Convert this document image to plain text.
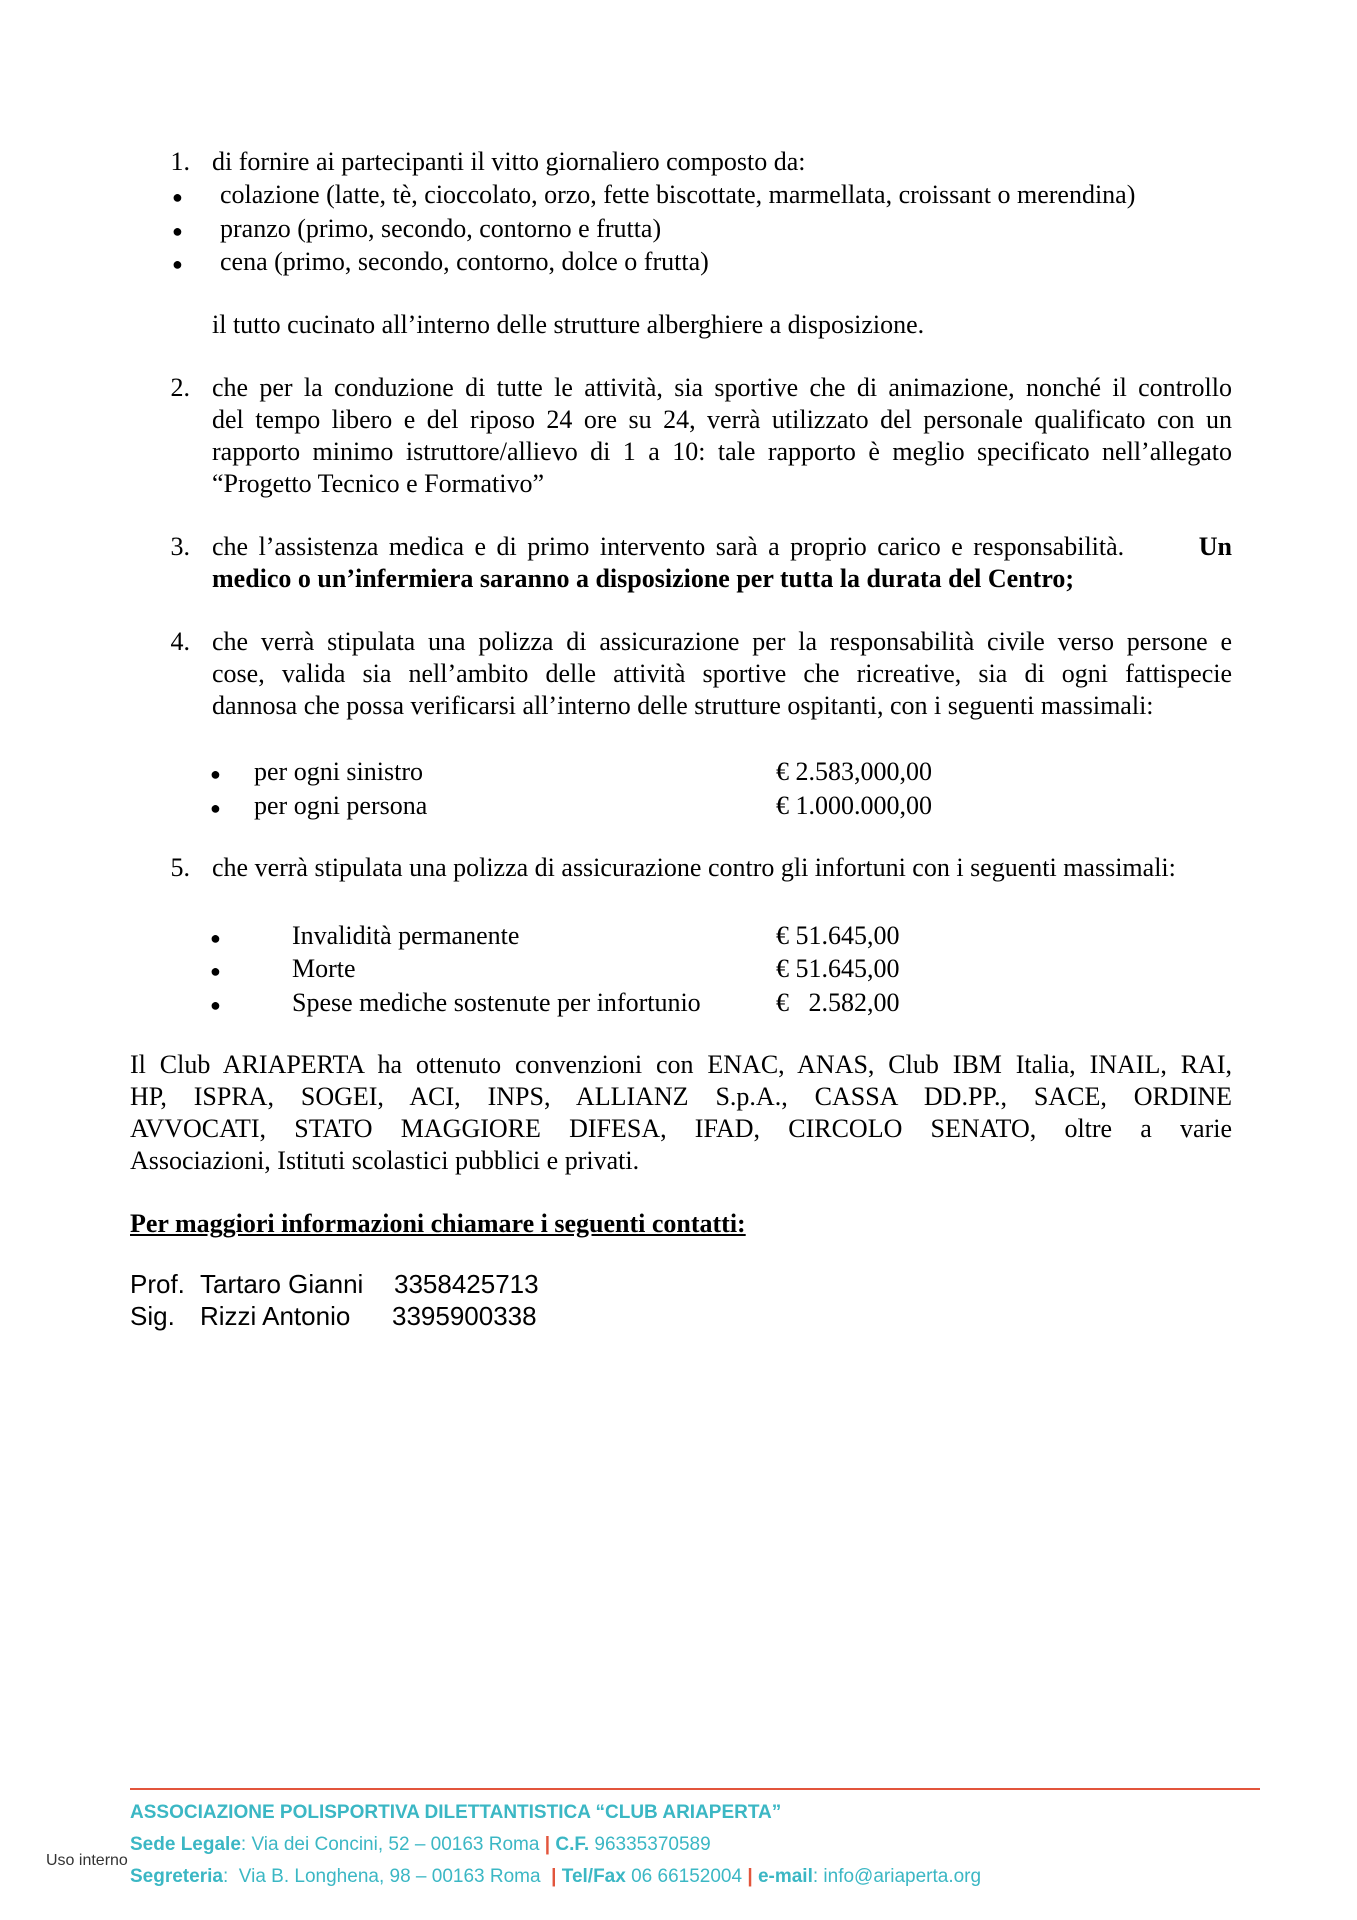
1. di fornire ai partecipanti il vitto giornaliero composto da:
● colazione (latte, tè, cioccolato, orzo, fette biscottate, marmellata, croissant o merendina)
● pranzo (primo, secondo, contorno e frutta)
● cena (primo, secondo, contorno, dolce o frutta)
il tutto cucinato all’interno delle strutture alberghiere a disposizione.
2. che per la conduzione di tutte le attività, sia sportive che di animazione, nonché il controllo
del tempo libero e del riposo 24 ore su 24, verrà utilizzato del personale qualificato con un
rapporto minimo istruttore/allievo di 1 a 10: tale rapporto è meglio specificato nell’allegato
“Progetto Tecnico e Formativo”
3. che l’assistenza medica e di primo intervento sarà a proprio carico e responsabilità.	Un
medico o un’infermiera saranno a disposizione per tutta la durata del Centro;
4. che verrà stipulata una polizza di assicurazione per la responsabilità civile verso persone e
cose, valida sia nell’ambito delle attività sportive che ricreative, sia di ogni fattispecie
dannosa che possa verificarsi all’interno delle strutture ospitanti, con i seguenti massimali:
● per ogni sinistro	€ 2.583,000,00
● per ogni persona	€ 1.000.000,00
5. che verrà stipulata una polizza di assicurazione contro gli infortuni con i seguenti massimali:
●	Invalidità permanente	€ 51.645,00
●	Morte	€ 51.645,00
●	Spese mediche sostenute per infortunio	€   2.582,00
Il Club ARIAPERTA ha ottenuto convenzioni con ENAC, ANAS, Club IBM Italia, INAIL, RAI,
HP, ISPRA, SOGEI, ACI, INPS, ALLIANZ S.p.A., CASSA DD.PP., SACE, ORDINE
AVVOCATI, STATO MAGGIORE DIFESA, IFAD, CIRCOLO SENATO, oltre a varie
Associazioni, Istituti scolastici pubblici e privati.
Per maggiori informazioni chiamare i seguenti contatti:
Prof. Tartaro Gianni 3358425713
Sig. Rizzi Antonio 3395900338
ASSOCIAZIONE POLISPORTIVA DILETTANTISTICA “CLUB ARIAPERTA”
Sede Legale: Via dei Concini, 52 – 00163 Roma | C.F. 96335370589
Segreteria:  Via B. Longhena, 98 – 00163 Roma | Tel/Fax 06 66152004 | e-mail: info@ariaperta.org
Uso interno
